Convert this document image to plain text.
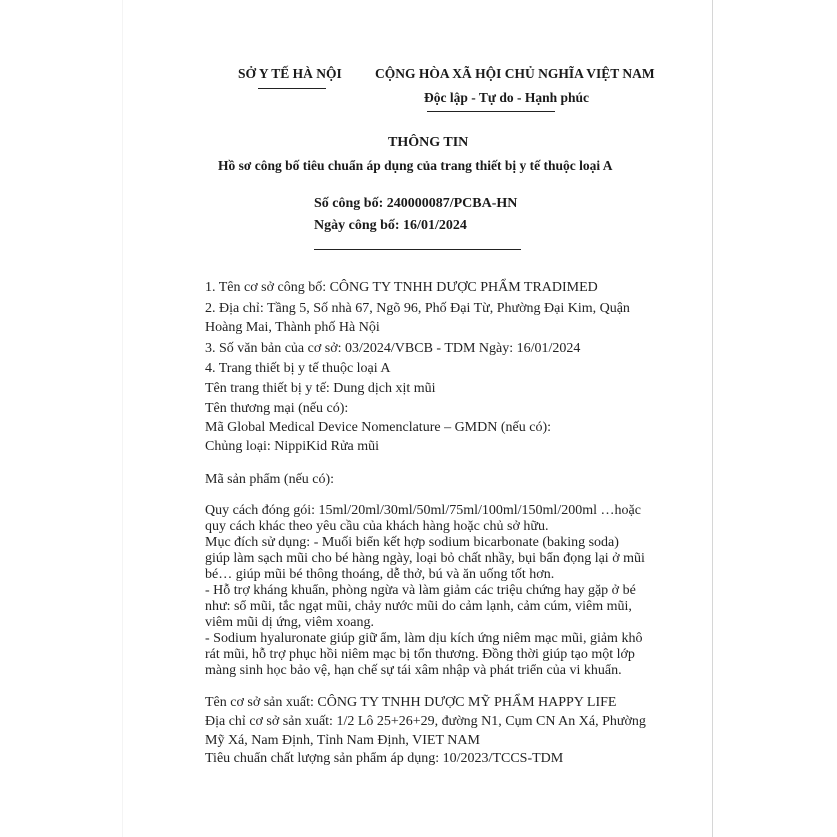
SỞ Y TẾ HÀ NỘI CỘNG HÒA XÃ HỘI CHỦ NGHĨA VIỆT NAM
Độc lập - Tự do - Hạnh phúc
THÔNG TIN
Hồ sơ công bố tiêu chuẩn áp dụng của trang thiết bị y tế thuộc loại A
Số công bố: 240000087/PCBA-HN
Ngày công bố: 16/01/2024
1. Tên cơ sở công bố: CÔNG TY TNHH DƯỢC PHẨM TRADIMED
2. Địa chỉ: Tầng 5, Số nhà 67, Ngõ 96, Phố Đại Từ, Phường Đại Kim, Quận
Hoàng Mai, Thành phố Hà Nội
3. Số văn bản của cơ sở: 03/2024/VBCB - TDM Ngày: 16/01/2024
4. Trang thiết bị y tế thuộc loại A
Tên trang thiết bị y tế: Dung dịch xịt mũi
Tên thương mại (nếu có):
Mã Global Medical Device Nomenclature – GMDN (nếu có):
Chủng loại: NippiKid Rửa mũi
Mã sản phẩm (nếu có):
Quy cách đóng gói: 15ml/20ml/30ml/50ml/75ml/100ml/150ml/200ml …hoặc
quy cách khác theo yêu cầu của khách hàng hoặc chủ sở hữu.
Mục đích sử dụng: - Muối biển kết hợp sodium bicarbonate (baking soda)
giúp làm sạch mũi cho bé hàng ngày, loại bỏ chất nhầy, bụi bẩn đọng lại ở mũi
bé… giúp mũi bé thông thoáng, dễ thở, bú và ăn uống tốt hơn.
- Hỗ trợ kháng khuẩn, phòng ngừa và làm giảm các triệu chứng hay gặp ở bé
như: sổ mũi, tắc ngạt mũi, chảy nước mũi do cảm lạnh, cảm cúm, viêm mũi,
viêm mũi dị ứng, viêm xoang.
- Sodium hyaluronate giúp giữ ẩm, làm dịu kích ứng niêm mạc mũi, giảm khô
rát mũi, hỗ trợ phục hồi niêm mạc bị tổn thương. Đồng thời giúp tạo một lớp
màng sinh học bảo vệ, hạn chế sự tái xâm nhập và phát triển của vi khuẩn.
Tên cơ sở sản xuất: CÔNG TY TNHH DƯỢC MỸ PHẨM HAPPY LIFE
Địa chỉ cơ sở sản xuất: 1/2 Lô 25+26+29, đường N1, Cụm CN An Xá, Phường
Mỹ Xá, Nam Định, Tỉnh Nam Định, VIET NAM
Tiêu chuẩn chất lượng sản phẩm áp dụng: 10/2023/TCCS-TDM
